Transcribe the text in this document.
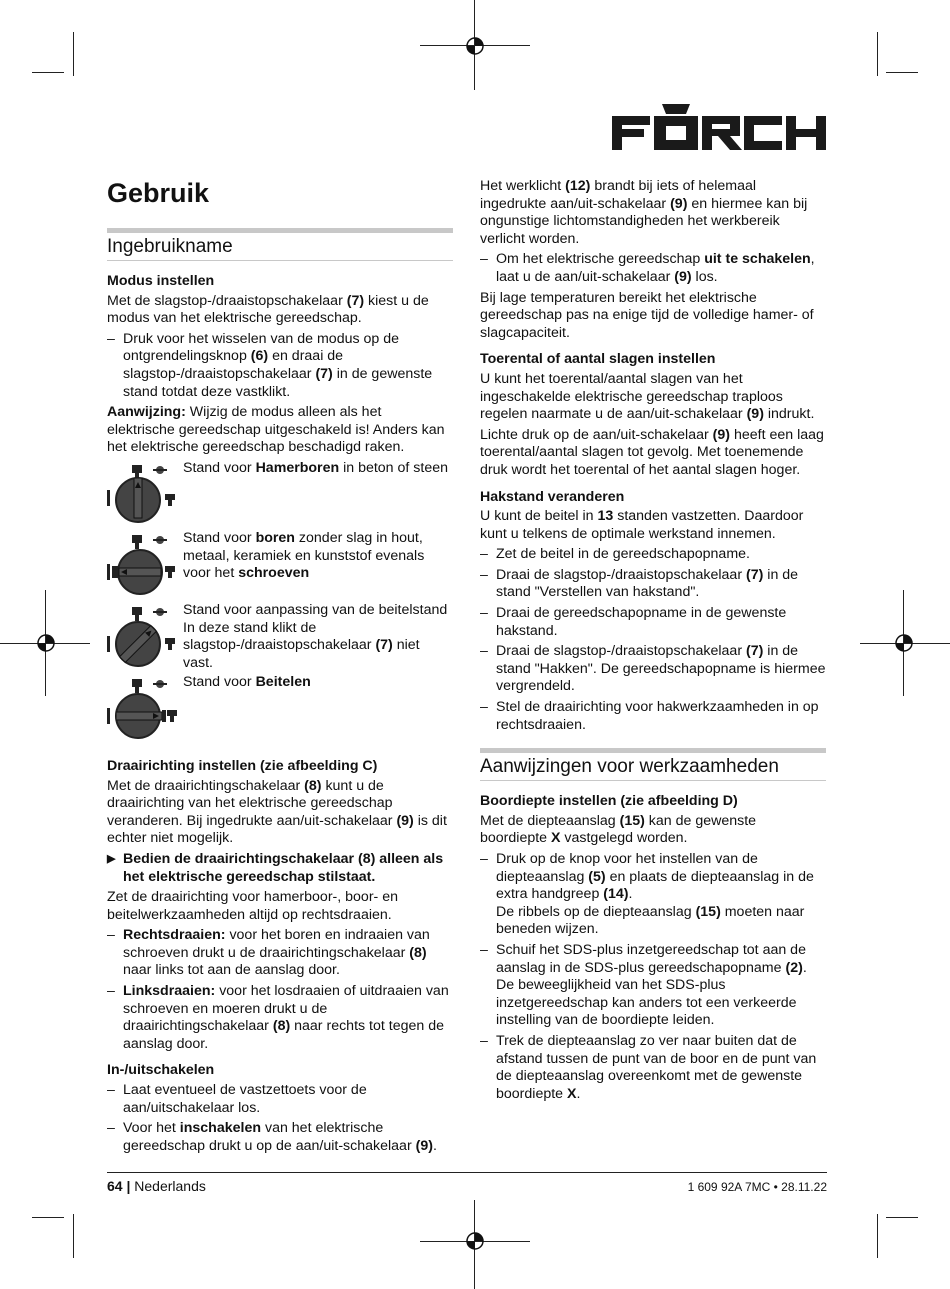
FÖRCH
Gebruik
Ingebruikname
Modus instellen

Met de slagstop-/draaistopschakelaar (7) kiest u de modus van het elektrische gereedschap.

– Druk voor het wisselen van de modus op de ontgrendelingsknop (6) en draai de slagstop-/draaistopschakelaar (7) in de gewenste stand totdat deze vastklikt.

Aanwijzing: Wijzig de modus alleen als het elektrische gereedschap uitgeschakeld is! Anders kan het elektrische gereedschap beschadigd raken.

Stand voor Hamerboren in beton of steen
Stand voor boren zonder slag in hout, metaal, keramiek en kunststof evenals voor het schroeven
Stand voor aanpassing van de beitelstand
In deze stand klikt de slagstop-/draaistopschakelaar (7) niet vast.
Stand voor Beitelen
Draairichting instellen (zie afbeelding C)

Met de draairichtingschakelaar (8) kunt u de draairichting van het elektrische gereedschap veranderen. Bij ingedrukte aan/uit-schakelaar (9) is dit echter niet mogelijk.

▶ Bedien de draairichtingschakelaar (8) alleen als het elektrische gereedschap stilstaat.

Zet de draairichting voor hamerboor-, boor- en beitelwerkzaamheden altijd op rechtsdraaien.

– Rechtsdraaien: voor het boren en indraaien van schroeven drukt u de draairichtingschakelaar (8) naar links tot aan de aanslag door.
– Linksdraaien: voor het losdraaien of uitdraaien van schroeven en moeren drukt u de draairichtingschakelaar (8) naar rechts tot tegen de aanslag door.
In-/uitschakelen
– Laat eventueel de vastzettoets voor de aan/uitschakelaar los.
– Voor het inschakelen van het elektrische gereedschap drukt u op de aan/uit-schakelaar (9).

Het werklicht (12) brandt bij iets of helemaal ingedrukte aan/uit-schakelaar (9) en hiermee kan bij ongunstige lichtomstandigheden het werkbereik verlicht worden.

– Om het elektrische gereedschap uit te schakelen, laat u de aan/uit-schakelaar (9) los.

Bij lage temperaturen bereikt het elektrische gereedschap pas na enige tijd de volledige hamer- of slagcapaciteit.

Toerental of aantal slagen instellen

U kunt het toerental/aantal slagen van het ingeschakelde elektrische gereedschap traploos regelen naarmate u de aan/uit-schakelaar (9) indrukt.

Lichte druk op de aan/uit-schakelaar (9) heeft een laag toerental/aantal slagen tot gevolg. Met toenemende druk wordt het toerental of het aantal slagen hoger.

Hakstand veranderen

U kunt de beitel in 13 standen vastzetten. Daardoor kunt u telkens de optimale werkstand innemen.

– Zet de beitel in de gereedschapopname.
– Draai de slagstop-/draaistopschakelaar (7) in de stand "Verstellen van hakstand".
– Draai de gereedschapopname in de gewenste hakstand.
– Draai de slagstop-/draaistopschakelaar (7) in de stand "Hakken". De gereedschapopname is hiermee vergrendeld.
– Stel de draairichting voor hakwerkzaamheden in op rechtsdraaien.
Aanwijzingen voor werkzaamheden
Boordiepte instellen (zie afbeelding D)

Met de diepteaanslag (15) kan de gewenste boordiepte X vastgelegd worden.

– Druk op de knop voor het instellen van de diepteaanslag (5) en plaats de diepteaanslag in de extra handgreep (14).
De ribbels op de diepteaanslag (15) moeten naar beneden wijzen.
– Schuif het SDS-plus inzetgereedschap tot aan de aanslag in de SDS-plus gereedschapopname (2). De beweeglijkheid van het SDS-plus inzetgereedschap kan anders tot een verkeerde instelling van de boordiepte leiden.
– Trek de diepteaanslag zo ver naar buiten dat de afstand tussen de punt van de boor en de punt van de diepteaanslag overeenkomt met de gewenste boordiepte X.
64 | Nederlands	1 609 92A 7MC • 28.11.22
